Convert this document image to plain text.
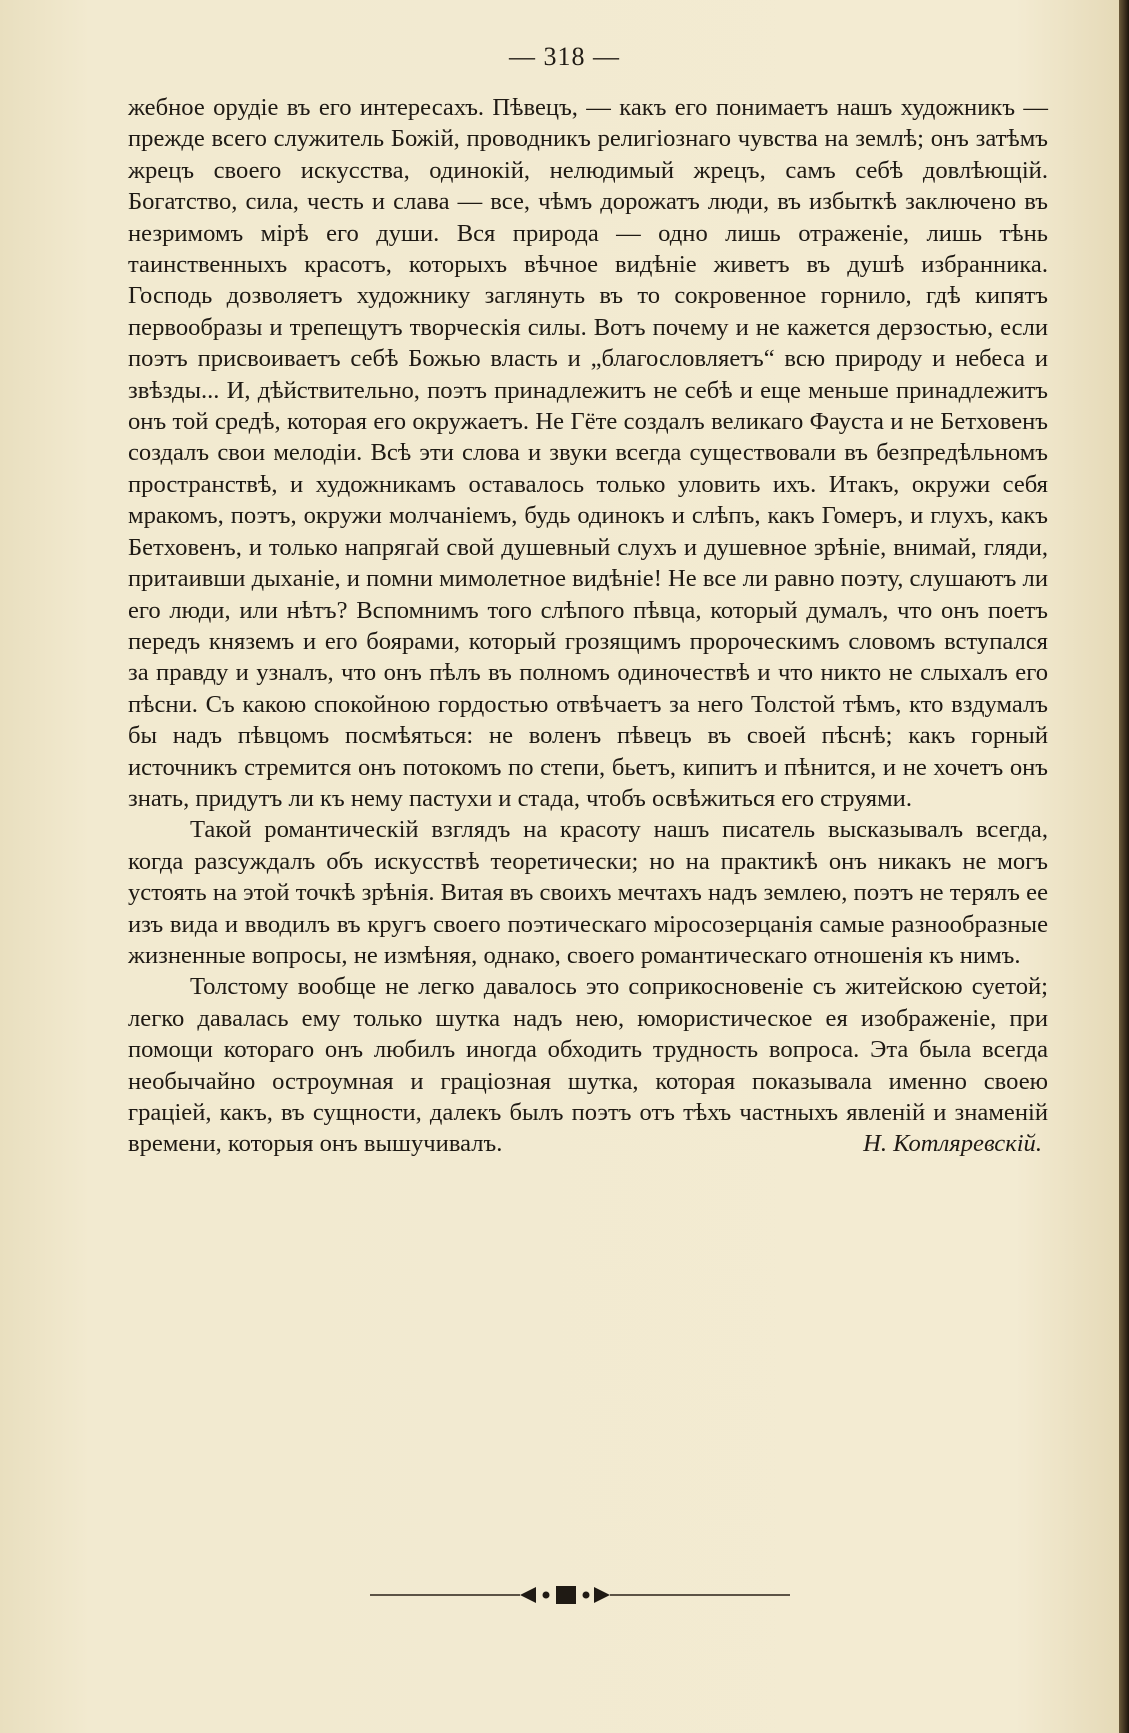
— 318 —

жебное орудіе въ его интересахъ. Пѣвецъ, — какъ его понимаетъ нашъ художникъ — прежде всего служитель Божій, проводникъ религіознаго чувства на землѣ; онъ затѣмъ жрецъ своего искусства, одинокій, нелюдимый жрецъ, самъ себѣ довлѣющій. Богатство, сила, честь и слава — все, чѣмъ дорожатъ люди, въ избыткѣ заключено въ незримомъ мірѣ его души. Вся природа — одно лишь отраженіе, лишь тѣнь таинственныхъ красотъ, которыхъ вѣчное видѣніе живетъ въ душѣ избранника. Господь дозволяетъ художнику заглянуть въ то сокровенное горнило, гдѣ кипятъ первообразы и трепещутъ творческія силы. Вотъ почему и не кажется дерзостью, если поэтъ присвоиваетъ себѣ Божью власть и „благословляетъ“ всю природу и небеса и звѣзды... И, дѣйствительно, поэтъ принадлежитъ не себѣ и еще меньше принадлежитъ онъ той средѣ, которая его окружаетъ. Не Гёте создалъ великаго Фауста и не Бетховенъ создалъ свои мелодіи. Всѣ эти слова и звуки всегда существовали въ безпредѣльномъ пространствѣ, и художникамъ оставалось только уловить ихъ. Итакъ, окружи себя мракомъ, поэтъ, окружи молчаніемъ, будь одинокъ и слѣпъ, какъ Гомеръ, и глухъ, какъ Бетховенъ, и только напрягай свой душевный слухъ и душевное зрѣніе, внимай, гляди, притаивши дыханіе, и помни мимолетное видѣніе! Не все ли равно поэту, слушаютъ ли его люди, или нѣтъ? Вспомнимъ того слѣпого пѣвца, который думалъ, что онъ поетъ передъ княземъ и его боярами, который грозящимъ пророческимъ словомъ вступался за правду и узналъ, что онъ пѣлъ въ полномъ одиночествѣ и что никто не слыхалъ его пѣсни. Съ какою спокойною гордостью отвѣчаетъ за него Толстой тѣмъ, кто вздумалъ бы надъ пѣвцомъ посмѣяться: не воленъ пѣвецъ въ своей пѣснѣ; какъ горный источникъ стремится онъ потокомъ по степи, бьетъ, кипитъ и пѣнится, и не хочетъ онъ знать, придутъ ли къ нему пастухи и стада, чтобъ освѣжиться его струями.

Такой романтическій взглядъ на красоту нашъ писатель высказывалъ всегда, когда разсуждалъ объ искусствѣ теоретически; но на практикѣ онъ никакъ не могъ устоять на этой точкѣ зрѣнія. Витая въ своихъ мечтахъ надъ землею, поэтъ не терялъ ее изъ вида и вводилъ въ кругъ своего поэтическаго міросозерцанія самые разнообразные жизненные вопросы, не измѣняя, однако, своего романтическаго отношенія къ нимъ.

Толстому вообще не легко давалось это соприкосновеніе съ житейскою суетой; легко давалась ему только шутка надъ нею, юмористическое ея изображеніе, при помощи котораго онъ любилъ иногда обходить трудность вопроса. Эта была всегда необычайно остроумная и граціозная шутка, которая показывала именно своею граціей, какъ, въ сущности, далекъ былъ поэтъ отъ тѣхъ частныхъ явленій и знаменій времени, которыя онъ вышучивалъ.	Н. Котляревскій.
